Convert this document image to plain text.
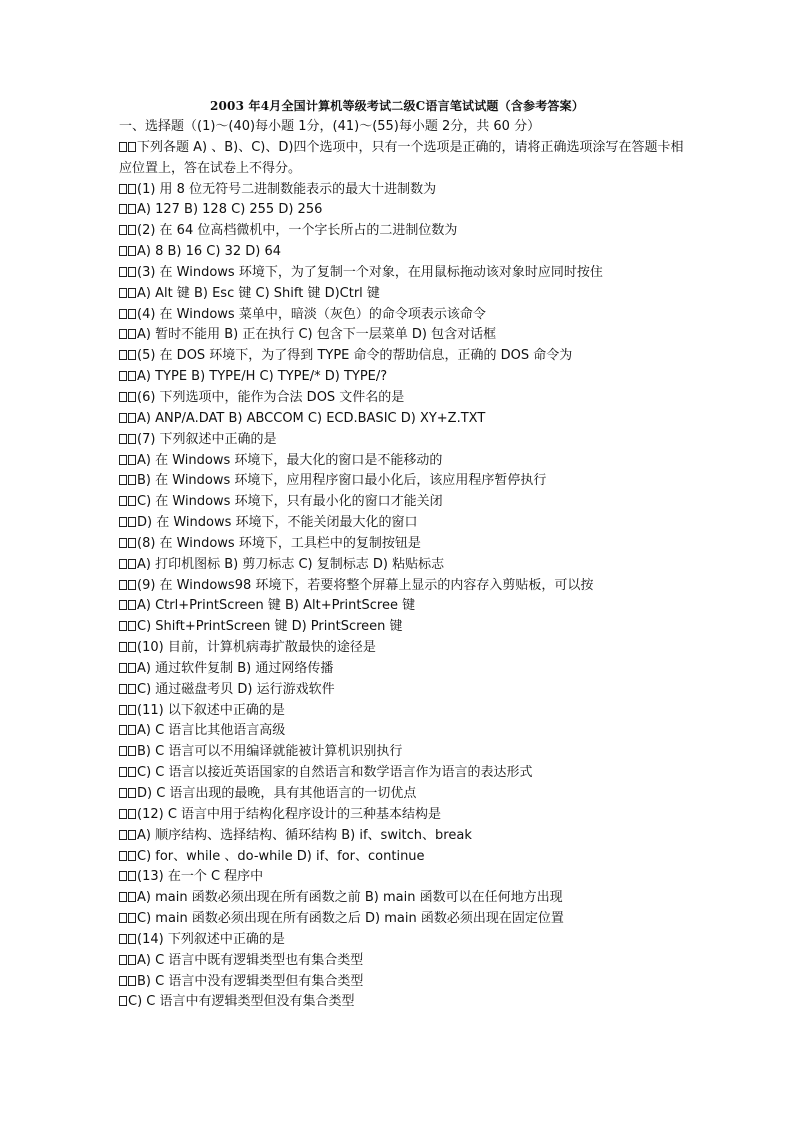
2003 年4月全国计算机等级考试二级C语言笔试试题（含参考答案）
一、选择题（(1)～(40)每小题 1分，(41)～(55)每小题 2分，共 60 分）
下列各题 A) 、B)、C)、D)四个选项中，只有一个选项是正确的，请将正确选项涂写在答题卡相应位置上，答在试卷上不得分。
(1) 用 8 位无符号二进制数能表示的最大十进制数为
A) 127 B) 128 C) 255 D) 256
(2) 在 64 位高档微机中，一个字长所占的二进制位数为
A) 8 B) 16 C) 32 D) 64
(3) 在 Windows 环境下，为了复制一个对象，在用鼠标拖动该对象时应同时按住
A) Alt 键 B) Esc 键 C) Shift 键 D)Ctrl 键
(4) 在 Windows 菜单中，暗淡（灰色）的命令项表示该命令
A) 暂时不能用 B) 正在执行 C) 包含下一层菜单 D) 包含对话框
(5) 在 DOS 环境下，为了得到 TYPE 命令的帮助信息，正确的 DOS 命令为
A) TYPE B) TYPE/H C) TYPE/* D) TYPE/?
(6) 下列选项中，能作为合法 DOS 文件名的是
A) ANP/A.DAT B) ABCCOM C) ECD.BASIC D) XY+Z.TXT
(7) 下列叙述中正确的是
A) 在 Windows 环境下，最大化的窗口是不能移动的
B) 在 Windows 环境下，应用程序窗口最小化后，该应用程序暂停执行
C) 在 Windows 环境下，只有最小化的窗口才能关闭
D) 在 Windows 环境下，不能关闭最大化的窗口
(8) 在 Windows 环境下，工具栏中的复制按钮是
A) 打印机图标 B) 剪刀标志 C) 复制标志 D) 粘贴标志
(9) 在 Windows98 环境下，若要将整个屏幕上显示的内容存入剪贴板，可以按
A) Ctrl+PrintScreen 键 B) Alt+PrintScree 键
C) Shift+PrintScreen 键 D) PrintScreen 键
(10) 目前，计算机病毒扩散最快的途径是
A) 通过软件复制 B) 通过网络传播
C) 通过磁盘考贝 D) 运行游戏软件
(11) 以下叙述中正确的是
A) C 语言比其他语言高级
B) C 语言可以不用编译就能被计算机识别执行
C) C 语言以接近英语国家的自然语言和数学语言作为语言的表达形式
D) C 语言出现的最晚，具有其他语言的一切优点
(12) C 语言中用于结构化程序设计的三种基本结构是
A) 顺序结构、选择结构、循环结构 B) if、switch、break
C) for、while 、do-while D) if、for、continue
(13) 在一个 C 程序中
A) main 函数必须出现在所有函数之前 B) main 函数可以在任何地方出现
C) main 函数必须出现在所有函数之后 D) main 函数必须出现在固定位置
(14) 下列叙述中正确的是
A) C 语言中既有逻辑类型也有集合类型
B) C 语言中没有逻辑类型但有集合类型
C) C 语言中有逻辑类型但没有集合类型
